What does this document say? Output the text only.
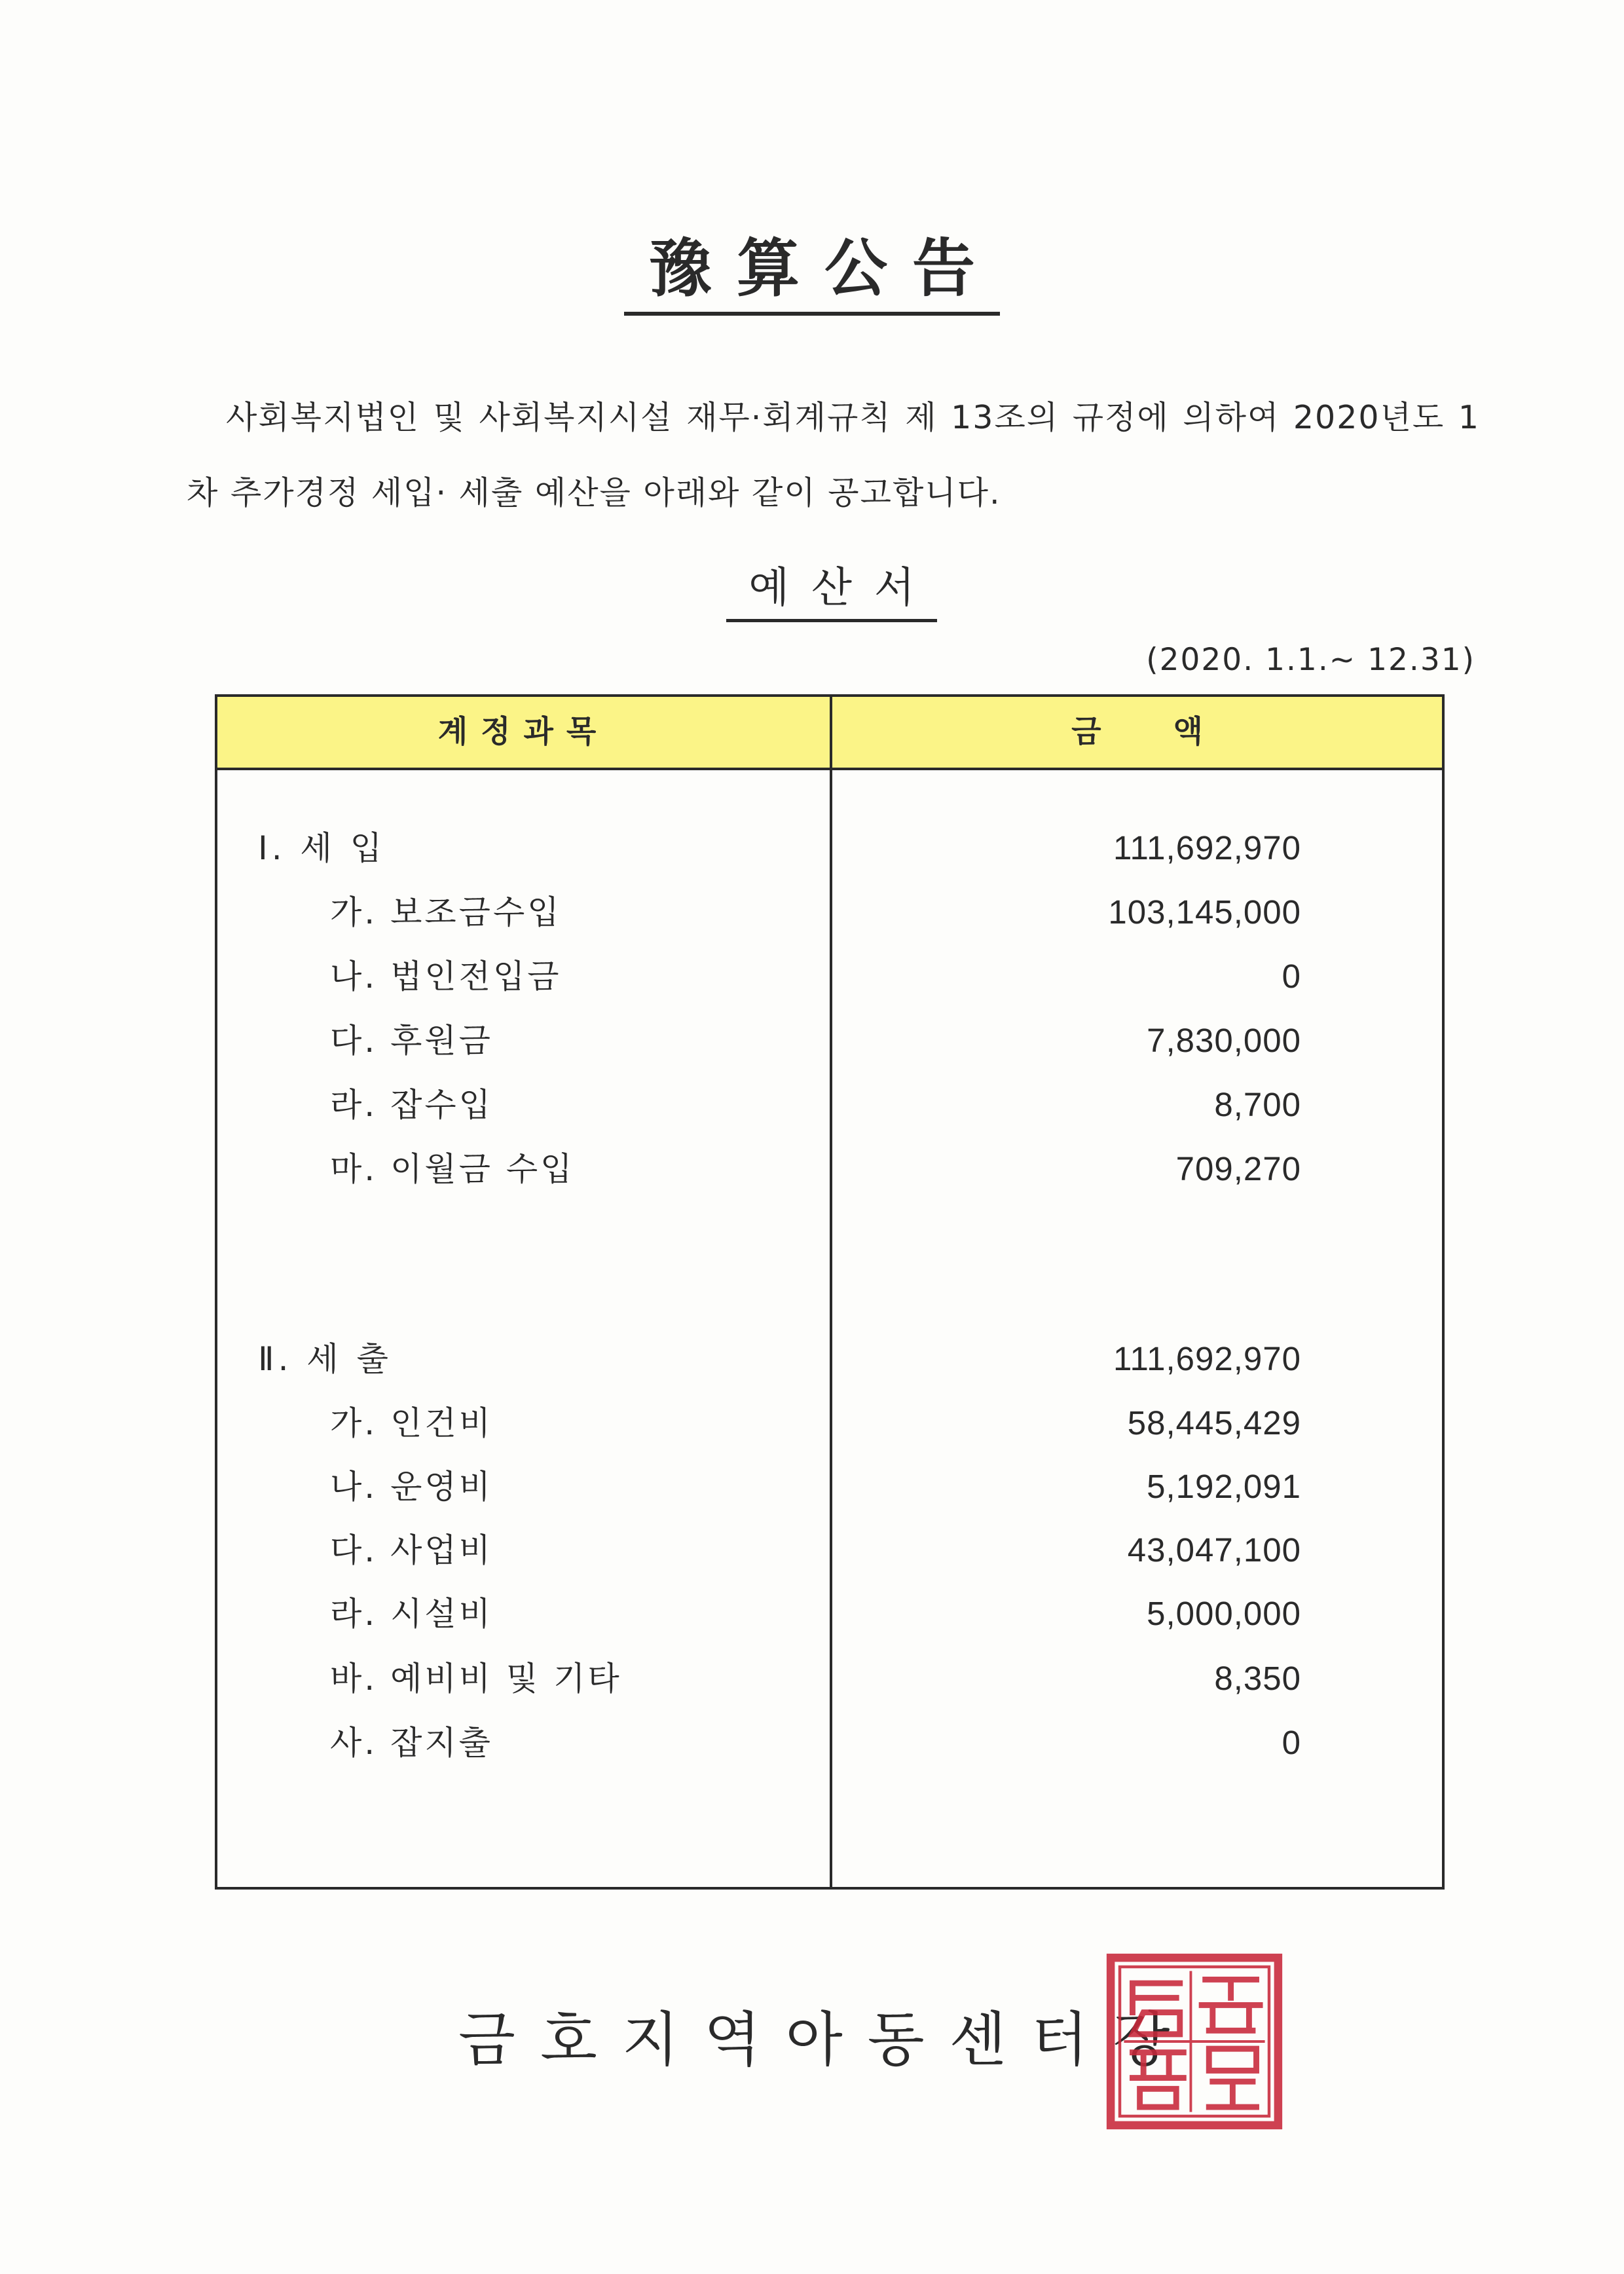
豫算公告
사회복지법인 및 사회복지시설 재무·회계규칙 제 13조의 규정에 의하여 2020년도 1차 추가경정 세입· 세출 예산을 아래와 같이 공고합니다.
예산서
(2020. 1.1.~ 12.31)
계정과목	금액
Ⅰ. 세 입	111,692,970
가. 보조금수입	103,145,000
나. 법인전입금	0
다. 후원금	7,830,000
라. 잡수입	8,700
마. 이월금 수입	709,270
Ⅱ. 세 출	111,692,970
가. 인건비	58,445,429
나. 운영비	5,192,091
다. 사업비	43,047,100
라. 시설비	5,000,000
바. 예비비 및 기타	8,350
사. 잡지출	0
금호지역아동센터장
